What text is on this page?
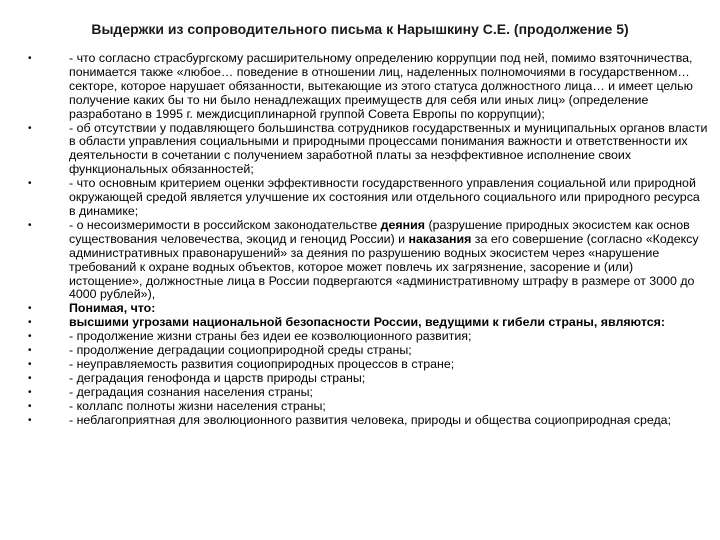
Выдержки из сопроводительного письма к Нарышкину С.Е. (продолжение 5)
•	- что согласно страсбургскому расширительному определению коррупции под ней, помимо взяточничества, понимается также «любое… поведение в отношении лиц, наделенных полномочиями в государственном… секторе, которое нарушает обязанности, вытекающие из этого статуса должностного лица… и имеет целью получение каких бы то ни было ненадлежащих преимуществ для себя или иных лиц» (определение разработано в 1995 г. междисциплинарной группой Совета Европы по коррупции);
•	- об отсутствии у подавляющего большинства сотрудников государственных и муниципальных органов власти в области управления социальными и природными процессами понимания важности и ответственности их деятельности в сочетании с получением заработной платы за неэффективное исполнение своих функциональных обязанностей;
•	- что основным критерием оценки эффективности государственного управления социальной или природной окружающей средой является улучшение их состояния или отдельного социального или природного ресурса в динамике;
•	- о несоизмеримости в российском законодательстве деяния (разрушение природных экосистем как основ существования человечества, экоцид и геноцид России) и наказания за его совершение (согласно «Кодексу административных правонарушений» за деяния по разрушению водных экосистем через «нарушение требований к охране водных объектов, которое может повлечь их загрязнение, засорение и (или) истощение», должностные лица в России подвергаются «административному штрафу в размере от 3000 до 4000 рублей»),
•	Понимая, что:
•	высшими угрозами национальной безопасности России, ведущими к гибели страны, являются:
•	- продолжение жизни страны без идеи ее коэволюционного развития;
•	- продолжение деградации социоприродной среды страны;
•	- неуправляемость развития социоприродных процессов в стране;
•	- деградация генофонда и царств природы страны;
•	- деградация сознания населения страны;
•	- коллапс полноты жизни населения страны;
•	- неблагоприятная для эволюционного развития человека, природы и общества социоприродная среда;
